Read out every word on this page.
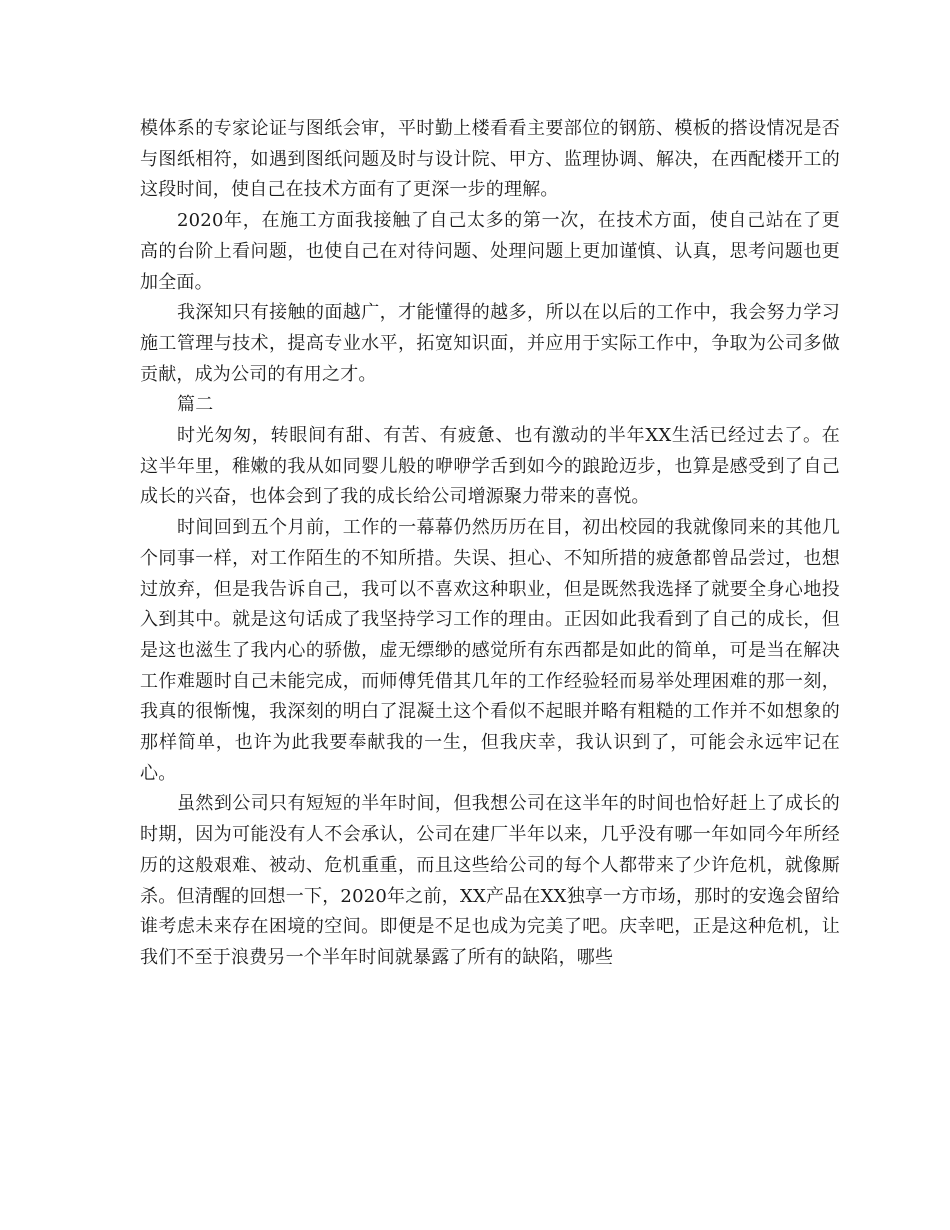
模体系的专家论证与图纸会审，平时勤上楼看看主要部位的钢筋、模板的搭设情况是否与图纸相符，如遇到图纸问题及时与设计院、甲方、监理协调、解决，在西配楼开工的这段时间，使自己在技术方面有了更深一步的理解。

2020年，在施工方面我接触了自己太多的第一次，在技术方面，使自己站在了更高的台阶上看问题，也使自己在对待问题、处理问题上更加谨慎、认真，思考问题也更加全面。

我深知只有接触的面越广，才能懂得的越多，所以在以后的工作中，我会努力学习施工管理与技术，提高专业水平，拓宽知识面，并应用于实际工作中，争取为公司多做贡献，成为公司的有用之才。

篇二

时光匆匆，转眼间有甜、有苦、有疲惫、也有激动的半年XX生活已经过去了。在这半年里，稚嫩的我从如同婴儿般的咿咿学舌到如今的踉跄迈步，也算是感受到了自己成长的兴奋，也体会到了我的成长给公司增源聚力带来的喜悦。

时间回到五个月前，工作的一幕幕仍然历历在目，初出校园的我就像同来的其他几个同事一样，对工作陌生的不知所措。失误、担心、不知所措的疲惫都曾品尝过，也想过放弃，但是我告诉自己，我可以不喜欢这种职业，但是既然我选择了就要全身心地投入到其中。就是这句话成了我坚持学习工作的理由。正因如此我看到了自己的成长，但是这也滋生了我内心的骄傲，虚无缥缈的感觉所有东西都是如此的简单，可是当在解决工作难题时自己未能完成，而师傅凭借其几年的工作经验轻而易举处理困难的那一刻，我真的很惭愧，我深刻的明白了混凝土这个看似不起眼并略有粗糙的工作并不如想象的那样简单，也许为此我要奉献我的一生，但我庆幸，我认识到了，可能会永远牢记在心。

虽然到公司只有短短的半年时间，但我想公司在这半年的时间也恰好赶上了成长的时期，因为可能没有人不会承认，公司在建厂半年以来，几乎没有哪一年如同今年所经历的这般艰难、被动、危机重重，而且这些给公司的每个人都带来了少许危机，就像厮杀。但清醒的回想一下，2020年之前，XX产品在XX独享一方市场，那时的安逸会留给谁考虑未来存在困境的空间。即便是不足也成为完美了吧。庆幸吧，正是这种危机，让我们不至于浪费另一个半年时间就暴露了所有的缺陷，哪些
